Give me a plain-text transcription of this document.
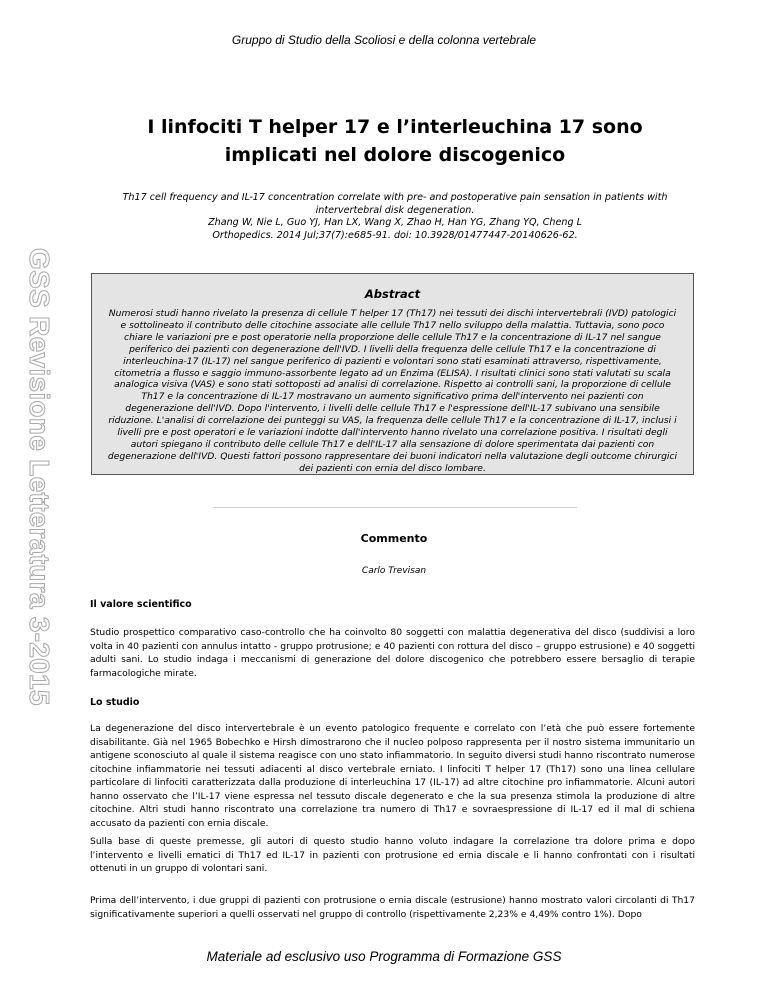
Gruppo di Studio della Scoliosi e della colonna vertebrale
GSS Revisione Letteratura 3-2015
I linfociti T helper 17 e l’interleuchina 17 sono
implicati nel dolore discogenico
Th17 cell frequency and IL-17 concentration correlate with pre- and postoperative pain sensation in patients with
intervertebral disk degeneration.
Zhang W, Nie L, Guo YJ, Han LX, Wang X, Zhao H, Han YG, Zhang YQ, Cheng L
Orthopedics. 2014 Jul;37(7):e685-91. doi: 10.3928/01477447-20140626-62.
Abstract
Numerosi studi hanno rivelato la presenza di cellule T helper 17 (Th17) nei tessuti dei dischi intervertebrali (IVD) patologici e sottolineato il contributo delle citochine associate alle cellule Th17 nello sviluppo della malattia. Tuttavia, sono poco chiare le variazioni pre e post operatorie nella proporzione delle cellule Th17 e la concentrazione di IL-17 nel sangue periferico dei pazienti con degenerazione dell'IVD. I livelli della frequenza delle cellule Th17 e la concentrazione di interleuchina-17 (IL-17) nel sangue periferico di pazienti e volontari sono stati esaminati attraverso, rispettivamente, citometria a flusso e saggio immuno-assorbente legato ad un Enzima (ELISA). I risultati clinici sono stati valutati su scala analogica visiva (VAS) e sono stati sottoposti ad analisi di correlazione. Rispetto ai controlli sani, la proporzione di cellule Th17 e la concentrazione di IL-17 mostravano un aumento significativo prima dell'intervento nei pazienti con degenerazione dell'IVD. Dopo l'intervento, i livelli delle cellule Th17 e l'espressione dell'IL-17 subivano una sensibile riduzione. L'analisi di correlazione dei punteggi su VAS, la frequenza delle cellule Th17 e la concentrazione di IL-17, inclusi i livelli pre e post operatori e le variazioni indotte dall'intervento hanno rivelato una correlazione positiva. I risultati degli autori spiegano il contributo delle cellule Th17 e dell'IL-17 alla sensazione di dolore sperimentata dai pazienti con degenerazione dell'IVD. Questi fattori possono rappresentare dei buoni indicatori nella valutazione degli outcome chirurgici dei pazienti con ernia del disco lombare.
Commento
Carlo Trevisan
Il valore scientifico
Studio prospettico comparativo caso-controllo che ha coinvolto 80 soggetti con malattia degenerativa del disco (suddivisi a loro volta in 40 pazienti con annulus intatto - gruppo protrusione; e 40 pazienti con rottura del disco – gruppo estrusione) e 40 soggetti adulti sani. Lo studio indaga i meccanismi di generazione del dolore discogenico che potrebbero essere bersaglio di terapie farmacologiche mirate.
Lo studio
La degenerazione del disco intervertebrale è un evento patologico frequente e correlato con l’età che può essere fortemente disabilitante. Già nel 1965 Bobechko e Hirsh dimostrarono che il nucleo polposo rappresenta per il nostro sistema immunitario un antigene sconosciuto al quale il sistema reagisce con uno stato infiammatorio. In seguito diversi studi hanno riscontrato numerose citochine infiammatorie nei tessuti adiacenti al disco vertebrale erniato. I linfociti T helper 17 (Th17) sono una linea cellulare particolare di linfociti caratterizzata dalla produzione di interleuchina 17 (IL-17) ad altre citochine pro infiammatorie. Alcuni autori hanno osservato che l’IL-17 viene espressa nel tessuto discale degenerato e che la sua presenza stimola la produzione di altre citochine. Altri studi hanno riscontrato una correlazione tra numero di Th17 e sovraespressione di IL-17 ed il mal di schiena accusato da pazienti con ernia discale.
Sulla base di queste premesse, gli autori di questo studio hanno voluto indagare la correlazione tra dolore prima e dopo l’intervento e livelli ematici di Th17 ed IL-17 in pazienti con protrusione ed ernia discale e li hanno confrontati con i risultati ottenuti in un gruppo di volontari sani.
Prima dell’intervento, i due gruppi di pazienti con protrusione o ernia discale (estrusione) hanno mostrato valori circolanti di Th17 significativamente superiori a quelli osservati nel gruppo di controllo (rispettivamente 2,23% e 4,49% contro 1%). Dopo
Materiale ad esclusivo uso Programma di Formazione GSS
